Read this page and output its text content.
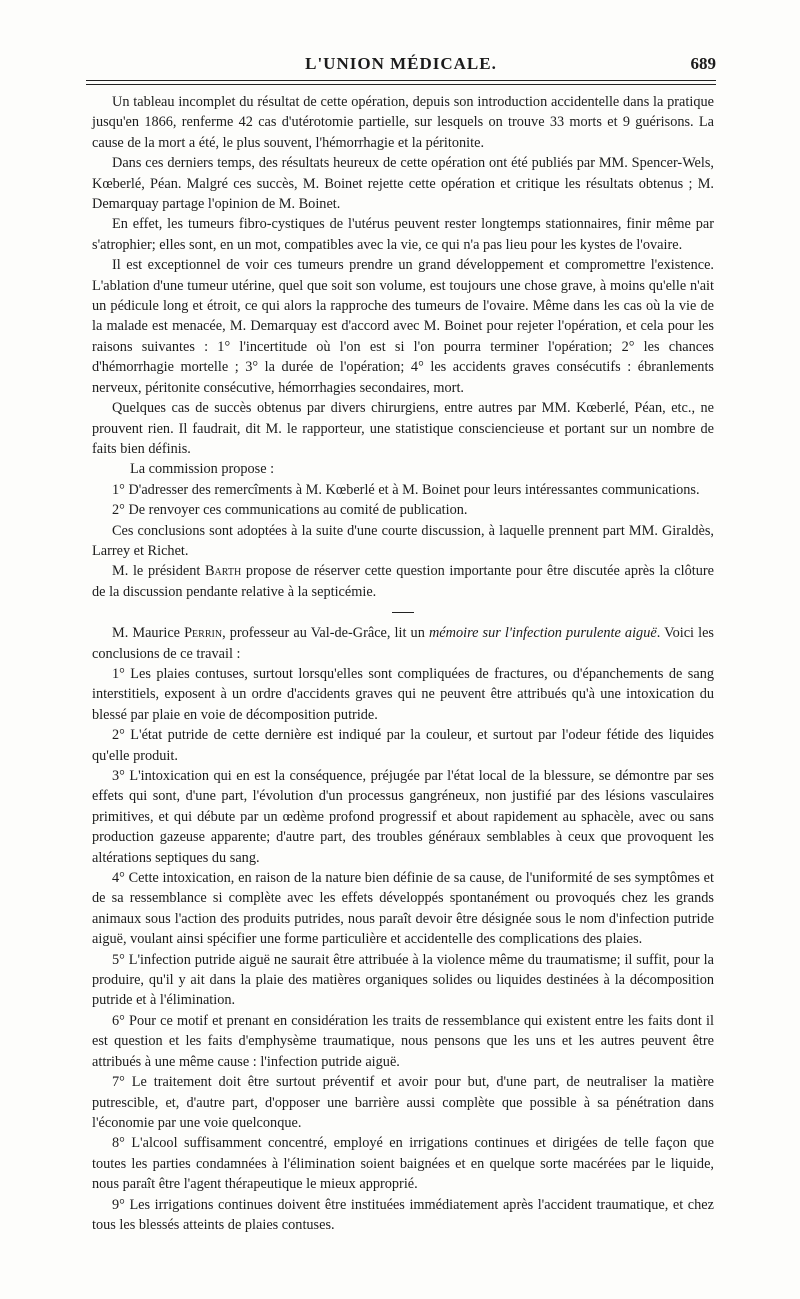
L'UNION MÉDICALE.	689

Un tableau incomplet du résultat de cette opération, depuis son introduction accidentelle dans la pratique jusqu'en 1866, renferme 42 cas d'utérotomie partielle, sur lesquels on trouve 33 morts et 9 guérisons. La cause de la mort a été, le plus souvent, l'hémorrhagie et la péritonite.

Dans ces derniers temps, des résultats heureux de cette opération ont été publiés par MM. Spencer-Wels, Kœberlé, Péan. Malgré ces succès, M. Boinet rejette cette opération et critique les résultats obtenus ; M. Demarquay partage l'opinion de M. Boinet.

En effet, les tumeurs fibro-cystiques de l'utérus peuvent rester longtemps stationnaires, finir même par s'atrophier; elles sont, en un mot, compatibles avec la vie, ce qui n'a pas lieu pour les kystes de l'ovaire.

Il est exceptionnel de voir ces tumeurs prendre un grand développement et compromettre l'existence. L'ablation d'une tumeur utérine, quel que soit son volume, est toujours une chose grave, à moins qu'elle n'ait un pédicule long et étroit, ce qui alors la rapproche des tumeurs de l'ovaire. Même dans les cas où la vie de la malade est menacée, M. Demarquay est d'accord avec M. Boinet pour rejeter l'opération, et cela pour les raisons suivantes : 1° l'incertitude où l'on est si l'on pourra terminer l'opération; 2° les chances d'hémorrhagie mortelle ; 3° la durée de l'opération; 4° les accidents graves consécutifs : ébranlements nerveux, péritonite consécutive, hémorrhagies secondaires, mort.

Quelques cas de succès obtenus par divers chirurgiens, entre autres par MM. Kœberlé, Péan, etc., ne prouvent rien. Il faudrait, dit M. le rapporteur, une statistique consciencieuse et portant sur un nombre de faits bien définis.

La commission propose :

1° D'adresser des remercîments à M. Kœberlé et à M. Boinet pour leurs intéressantes communications.

2° De renvoyer ces communications au comité de publication.

Ces conclusions sont adoptées à la suite d'une courte discussion, à laquelle prennent part MM. Giraldès, Larrey et Richet.

M. le président Barth propose de réserver cette question importante pour être discutée après la clôture de la discussion pendante relative à la septicémie.

M. Maurice Perrin, professeur au Val-de-Grâce, lit un mémoire sur l'infection purulente aiguë. Voici les conclusions de ce travail :

1° Les plaies contuses, surtout lorsqu'elles sont compliquées de fractures, ou d'épanchements de sang interstitiels, exposent à un ordre d'accidents graves qui ne peuvent être attribués qu'à une intoxication du blessé par plaie en voie de décomposition putride.

2° L'état putride de cette dernière est indiqué par la couleur, et surtout par l'odeur fétide des liquides qu'elle produit.

3° L'intoxication qui en est la conséquence, préjugée par l'état local de la blessure, se démontre par ses effets qui sont, d'une part, l'évolution d'un processus gangréneux, non justifié par des lésions vasculaires primitives, et qui débute par un œdème profond progressif et about rapidement au sphacèle, avec ou sans production gazeuse apparente; d'autre part, des troubles généraux semblables à ceux que provoquent les altérations septiques du sang.

4° Cette intoxication, en raison de la nature bien définie de sa cause, de l'uniformité de ses symptômes et de sa ressemblance si complète avec les effets développés spontanément ou provoqués chez les grands animaux sous l'action des produits putrides, nous paraît devoir être désignée sous le nom d'infection putride aiguë, voulant ainsi spécifier une forme particulière et accidentelle des complications des plaies.

5° L'infection putride aiguë ne saurait être attribuée à la violence même du traumatisme; il suffit, pour la produire, qu'il y ait dans la plaie des matières organiques solides ou liquides destinées à la décomposition putride et à l'élimination.

6° Pour ce motif et prenant en considération les traits de ressemblance qui existent entre les faits dont il est question et les faits d'emphysème traumatique, nous pensons que les uns et les autres peuvent être attribués à une même cause : l'infection putride aiguë.

7° Le traitement doit être surtout préventif et avoir pour but, d'une part, de neutraliser la matière putrescible, et, d'autre part, d'opposer une barrière aussi complète que possible à sa pénétration dans l'économie par une voie quelconque.

8° L'alcool suffisamment concentré, employé en irrigations continues et dirigées de telle façon que toutes les parties condamnées à l'élimination soient baignées et en quelque sorte macérées par le liquide, nous paraît être l'agent thérapeutique le mieux approprié.

9° Les irrigations continues doivent être instituées immédiatement après l'accident traumatique, et chez tous les blessés atteints de plaies contuses.
